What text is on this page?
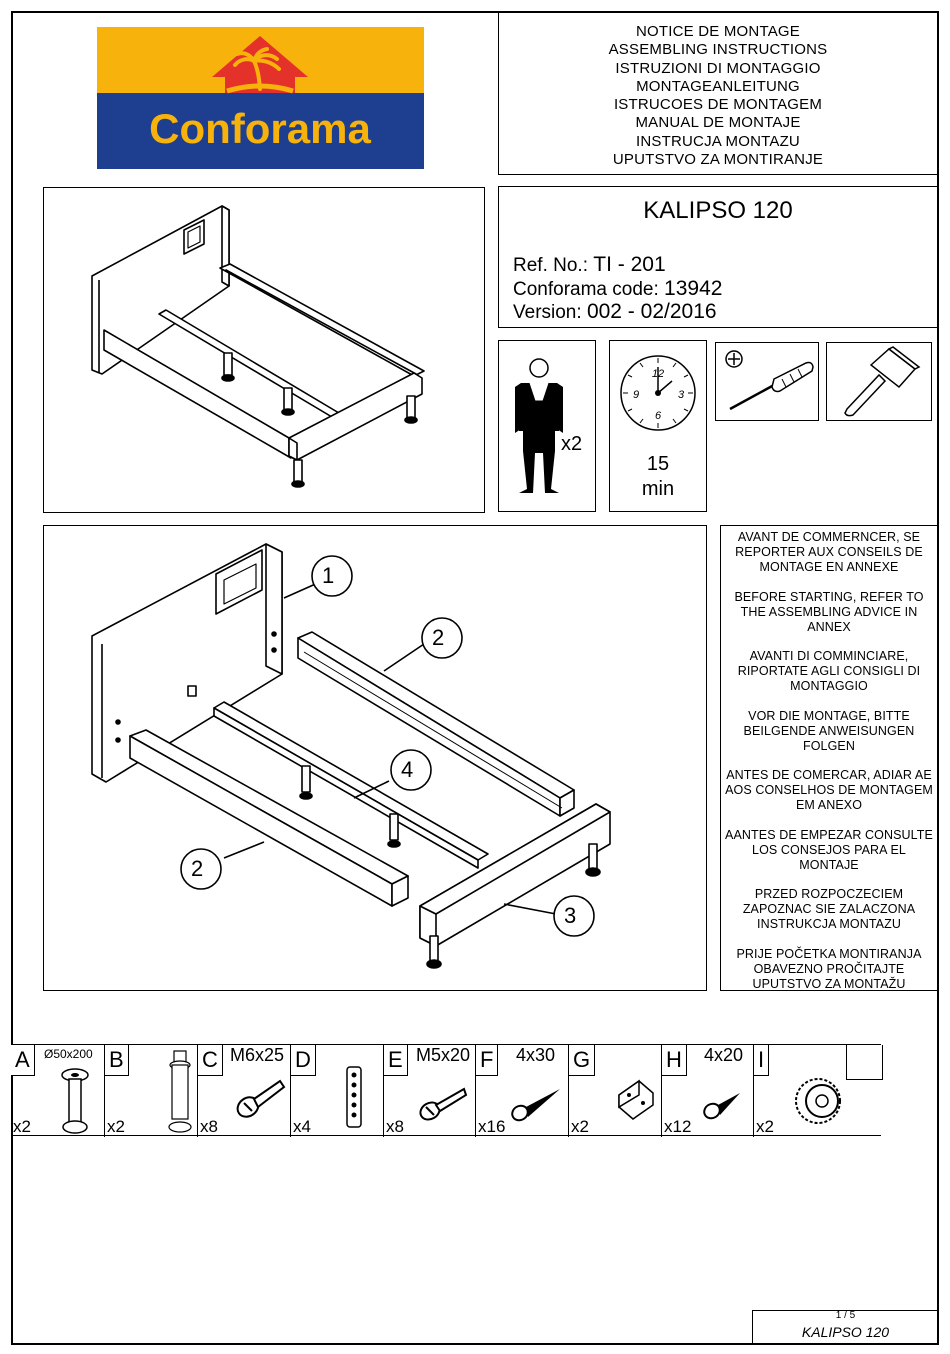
Conforama
NOTICE DE MONTAGE
ASSEMBLING INSTRUCTIONS
ISTRUZIONI DI MONTAGGIO
MONTAGEANLEITUNG
ISTRUCOES DE MONTAGEM
MANUAL DE MONTAJE
INSTRUCJA MONTAZU
UPUTSTVO ZA MONTIRANJE
KALIPSO 120
Ref. No.: TI - 201
Conforama code: 13942
Version: 002 - 02/2016
x2
12
3
6
9
15
min
1
2
4
2
3
AVANT DE COMMERNCER, SE REPORTER AUX CONSEILS DE MONTAGE EN ANNEXE
BEFORE STARTING, REFER TO THE ASSEMBLING ADVICE IN ANNEX
AVANTI DI COMMINCIARE, RIPORTATE AGLI CONSIGLI DI MONTAGGIO
VOR DIE MONTAGE, BITTE BEILGENDE ANWEISUNGEN FOLGEN
ANTES DE COMERCAR, ADIAR AE AOS CONSELHOS DE MONTAGEM EM ANEXO
AANTES DE EMPEZAR CONSULTE LOS CONSEJOS PARA EL MONTAJE
PRZED ROZPOCZECIEM ZAPOZNAC SIE ZALACZONA INSTRUKCJA MONTAZU
PRIJE POČETKA MONTIRANJA OBAVEZNO PROČITAJTE UPUTSTVO ZA MONTAŽU
A	Ø50x200
x2
B
x2
C M6x25
x8
D
x4
E M5x20
x8
F 4x30
x16
G
x2
H 4x20
x12
I
x2
1 / 5
KALIPSO 120
